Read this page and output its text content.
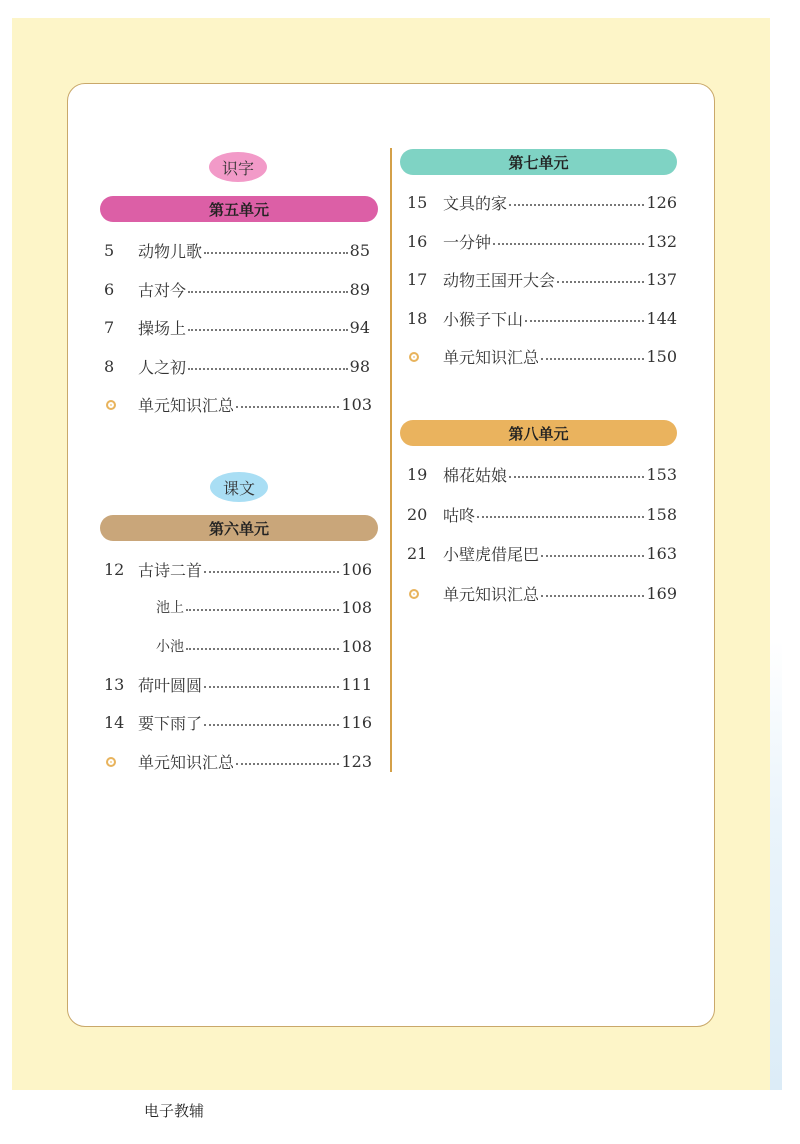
识字
第五单元
5	动物儿歌	85
6	古对今	89
7	操场上	94
8	人之初	98
单元知识汇总	103
课文
第六单元
12 古诗二首	106
池上	108
小池	108
13 荷叶圆圆	111
14 要下雨了	116
单元知识汇总	123
第七单元
15 文具的家	126
16 一分钟	132
17 动物王国开大会	137
18 小猴子下山	144
单元知识汇总	150
第八单元
19 棉花姑娘	153
20 咕咚	158
21 小壁虎借尾巴	163
单元知识汇总	169
电子教辅
